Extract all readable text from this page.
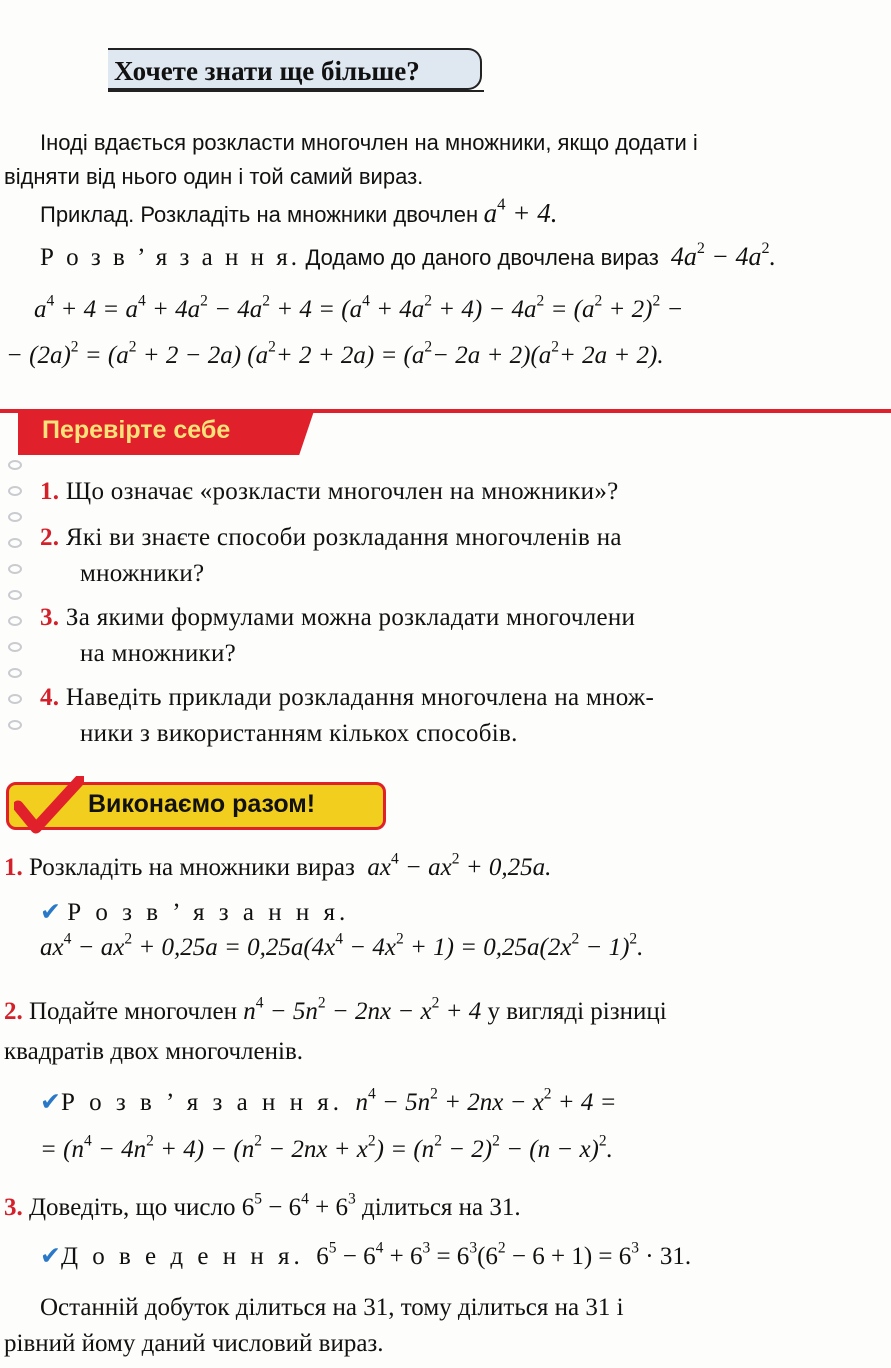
Хочете знати ще більше?
Іноді вдається розкласти многочлен на множники, якщо додати і
відняти від нього один і той самий вираз.
Приклад. Розкладіть на множники двочлен $a^4 + 4$.
Р о з в ’ я з а н н я. Додамо до даного двочлена вираз  $4a^2 - 4a^2$.
$a^4 + 4 = a^4 + 4a^2 - 4a^2 + 4 = (a^4 + 4a^2 + 4) - 4a^2 = (a^2 + 2)^2$ −
− $(2a)^2 = (a^2 + 2 - 2a)$ $(a^2+ 2 + 2a) = (a^2- 2a + 2)(a^2+ 2a + 2)$.
Перевірте себе
1. Що означає «розкласти многочлен на множники»?
2. Які ви знаєте способи розкладання многочленів на
множники?
3. За якими формулами можна розкладати многочлени
на множники?
4. Наведіть приклади розкладання многочлена на множ-
ники з використанням кількох способів.
Виконаємо разом!
1. Розкладіть на множники вираз  $ax^4 - ax^2 + 0,25a$.
✔ Р о з в ’ я з а н н я.
$ax^4 - ax^2 + 0,25a = 0,25a(4x^4 - 4x^2 + 1) = 0,25a(2x^2 - 1)^2$.
2. Подайте многочлен $n^4 - 5n^2 - 2nx - x^2 + 4$ у вигляді різниці
квадратів двох многочленів.
✔Р о з в ’ я з а н н я.  $n^4 - 5n^2 + 2nx - x^2 + 4$ =
= $(n^4 - 4n^2 + 4) - (n^2 - 2nx + x^2) = (n^2 - 2)^2 - (n - x)^2$.
3. Доведіть, що число $6^5 - 6^4 + 6^3$ ділиться на 31.
✔Д о в е д е н н я.  $6^5 - 6^4 + 6^3 = 6^3(6^2 - 6 + 1) = 6^3 \cdot 31$.
Останній добуток ділиться на 31, тому ділиться на 31 і
рівний йому даний числовий вираз.
